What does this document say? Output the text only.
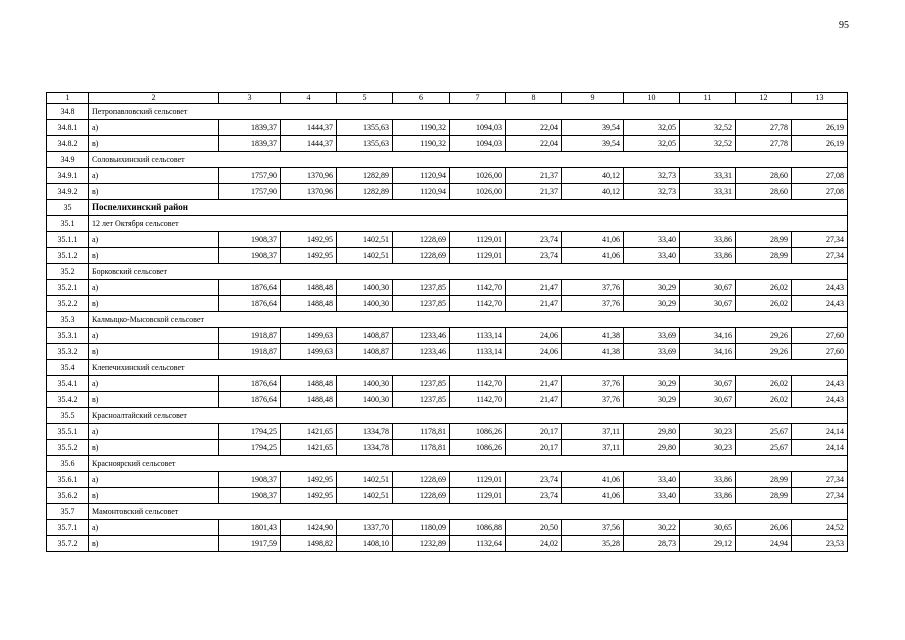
95
1	2	3	4	5	6	7	8	9	10	11	12	13
34.8	Петропавловский сельсовет											
34.8.1	а)	1839,37	1444,37	1355,63	1190,32	1094,03	22,04	39,54	32,05	32,52	27,78	26,19
34.8.2	в)	1839,37	1444,37	1355,63	1190,32	1094,03	22,04	39,54	32,05	32,52	27,78	26,19
34.9	Соловьихинский сельсовет											
34.9.1	а)	1757,90	1370,96	1282,89	1120,94	1026,00	21,37	40,12	32,73	33,31	28,60	27,08
34.9.2	в)	1757,90	1370,96	1282,89	1120,94	1026,00	21,37	40,12	32,73	33,31	28,60	27,08
35	Поспелихинский район											
35.1	12 лет Октября сельсовет											
35.1.1	а)	1908,37	1492,95	1402,51	1228,69	1129,01	23,74	41,06	33,40	33,86	28,99	27,34
35.1.2	в)	1908,37	1492,95	1402,51	1228,69	1129,01	23,74	41,06	33,40	33,86	28,99	27,34
35.2	Борковский сельсовет											
35.2.1	а)	1876,64	1488,48	1400,30	1237,85	1142,70	21,47	37,76	30,29	30,67	26,02	24,43
35.2.2	в)	1876,64	1488,48	1400,30	1237,85	1142,70	21,47	37,76	30,29	30,67	26,02	24,43
35.3	Калмыцко-Мысовской сельсовет											
35.3.1	а)	1918,87	1499,63	1408,87	1233,46	1133,14	24,06	41,38	33,69	34,16	29,26	27,60
35.3.2	в)	1918,87	1499,63	1408,87	1233,46	1133,14	24,06	41,38	33,69	34,16	29,26	27,60
35.4	Клепечихинский сельсовет											
35.4.1	а)	1876,64	1488,48	1400,30	1237,85	1142,70	21,47	37,76	30,29	30,67	26,02	24,43
35.4.2	в)	1876,64	1488,48	1400,30	1237,85	1142,70	21,47	37,76	30,29	30,67	26,02	24,43
35.5	Красноалтайский сельсовет											
35.5.1	а)	1794,25	1421,65	1334,78	1178,81	1086,26	20,17	37,11	29,80	30,23	25,67	24,14
35.5.2	в)	1794,25	1421,65	1334,78	1178,81	1086,26	20,17	37,11	29,80	30,23	25,67	24,14
35.6	Красноярский сельсовет											
35.6.1	а)	1908,37	1492,95	1402,51	1228,69	1129,01	23,74	41,06	33,40	33,86	28,99	27,34
35.6.2	в)	1908,37	1492,95	1402,51	1228,69	1129,01	23,74	41,06	33,40	33,86	28,99	27,34
35.7	Мамонтовский сельсовет											
35.7.1	а)	1801,43	1424,90	1337,70	1180,09	1086,88	20,50	37,56	30,22	30,65	26,06	24,52
35.7.2	в)	1917,59	1498,82	1408,10	1232,89	1132,64	24,02	35,28	28,73	29,12	24,94	23,53
